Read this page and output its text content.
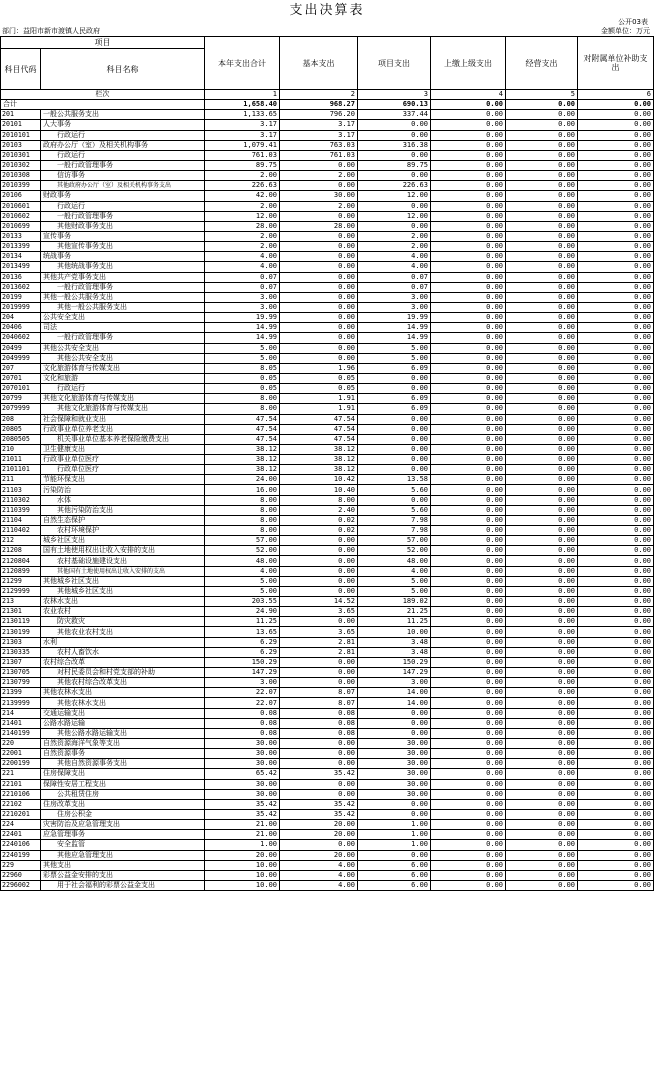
支出决算表
公开03表
部门：益阳市新市渡镇人民政府	金额单位：万元
项目		本年支出合计	基本支出	项目支出	上缴上级支出	经营支出	对附属单位补助支出
科目代码	科目名称						
栏次		1	2	3	4	5	6
合计		1,658.40	968.27	690.13	0.00	0.00	0.00
201	一般公共服务支出	1,133.65	796.20	337.44	0.00	0.00	0.00
20101	人大事务	3.17	3.17	0.00	0.00	0.00	0.00
2010101	行政运行	3.17	3.17	0.00	0.00	0.00	0.00
20103	政府办公厅（室）及相关机构事务	1,079.41	763.03	316.38	0.00	0.00	0.00
2010301	行政运行	761.03	761.03	0.00	0.00	0.00	0.00
2010302	一般行政管理事务	89.75	0.00	89.75	0.00	0.00	0.00
2010308	信访事务	2.00	2.00	0.00	0.00	0.00	0.00
2010399	其他政府办公厅（室）及相关机构事务支出	226.63	0.00	226.63	0.00	0.00	0.00
20106	财政事务	42.00	30.00	12.00	0.00	0.00	0.00
2010601	行政运行	2.00	2.00	0.00	0.00	0.00	0.00
2010602	一般行政管理事务	12.00	0.00	12.00	0.00	0.00	0.00
2010699	其他财政事务支出	28.00	28.00	0.00	0.00	0.00	0.00
20133	宣传事务	2.00	0.00	2.00	0.00	0.00	0.00
2013399	其他宣传事务支出	2.00	0.00	2.00	0.00	0.00	0.00
20134	统战事务	4.00	0.00	4.00	0.00	0.00	0.00
2013499	其他统战事务支出	4.00	0.00	4.00	0.00	0.00	0.00
20136	其他共产党事务支出	0.07	0.00	0.07	0.00	0.00	0.00
2013602	一般行政管理事务	0.07	0.00	0.07	0.00	0.00	0.00
20199	其他一般公共服务支出	3.00	0.00	3.00	0.00	0.00	0.00
2019999	其他一般公共服务支出	3.00	0.00	3.00	0.00	0.00	0.00
204	公共安全支出	19.99	0.00	19.99	0.00	0.00	0.00
20406	司法	14.99	0.00	14.99	0.00	0.00	0.00
2040602	一般行政管理事务	14.99	0.00	14.99	0.00	0.00	0.00
20499	其他公共安全支出	5.00	0.00	5.00	0.00	0.00	0.00
2049999	其他公共安全支出	5.00	0.00	5.00	0.00	0.00	0.00
207	文化旅游体育与传媒支出	8.05	1.96	6.09	0.00	0.00	0.00
20701	文化和旅游	0.05	0.05	0.00	0.00	0.00	0.00
2070101	行政运行	0.05	0.05	0.00	0.00	0.00	0.00
20799	其他文化旅游体育与传媒支出	8.00	1.91	6.09	0.00	0.00	0.00
2079999	其他文化旅游体育与传媒支出	8.00	1.91	6.09	0.00	0.00	0.00
208	社会保障和就业支出	47.54	47.54	0.00	0.00	0.00	0.00
20805	行政事业单位养老支出	47.54	47.54	0.00	0.00	0.00	0.00
2080505	机关事业单位基本养老保险缴费支出	47.54	47.54	0.00	0.00	0.00	0.00
210	卫生健康支出	38.12	38.12	0.00	0.00	0.00	0.00
21011	行政事业单位医疗	38.12	38.12	0.00	0.00	0.00	0.00
2101101	行政单位医疗	38.12	38.12	0.00	0.00	0.00	0.00
211	节能环保支出	24.00	10.42	13.58	0.00	0.00	0.00
21103	污染防治	16.00	10.40	5.60	0.00	0.00	0.00
2110302	水体	8.00	8.00	0.00	0.00	0.00	0.00
2110399	其他污染防治支出	8.00	2.40	5.60	0.00	0.00	0.00
21104	自然生态保护	8.00	0.02	7.98	0.00	0.00	0.00
2110402	农村环境保护	8.00	0.02	7.98	0.00	0.00	0.00
212	城乡社区支出	57.00	0.00	57.00	0.00	0.00	0.00
21208	国有土地使用权出让收入安排的支出	52.00	0.00	52.00	0.00	0.00	0.00
2120804	农村基础设施建设支出	48.00	0.00	48.00	0.00	0.00	0.00
2120899	其他国有土地使用权出让收入安排的支出	4.00	0.00	4.00	0.00	0.00	0.00
21299	其他城乡社区支出	5.00	0.00	5.00	0.00	0.00	0.00
2129999	其他城乡社区支出	5.00	0.00	5.00	0.00	0.00	0.00
213	农林水支出	203.55	14.52	189.02	0.00	0.00	0.00
21301	农业农村	24.90	3.65	21.25	0.00	0.00	0.00
2130119	防灾救灾	11.25	0.00	11.25	0.00	0.00	0.00
2130199	其他农业农村支出	13.65	3.65	10.00	0.00	0.00	0.00
21303	水利	6.29	2.81	3.48	0.00	0.00	0.00
2130335	农村人畜饮水	6.29	2.81	3.48	0.00	0.00	0.00
21307	农村综合改革	150.29	0.00	150.29	0.00	0.00	0.00
2130705	对村民委员会和村党支部的补助	147.29	0.00	147.29	0.00	0.00	0.00
2130799	其他农村综合改革支出	3.00	0.00	3.00	0.00	0.00	0.00
21399	其他农林水支出	22.07	8.07	14.00	0.00	0.00	0.00
2139999	其他农林水支出	22.07	8.07	14.00	0.00	0.00	0.00
214	交通运输支出	0.08	0.08	0.00	0.00	0.00	0.00
21401	公路水路运输	0.08	0.08	0.00	0.00	0.00	0.00
2140199	其他公路水路运输支出	0.08	0.08	0.00	0.00	0.00	0.00
220	自然资源海洋气象等支出	30.00	0.00	30.00	0.00	0.00	0.00
22001	自然资源事务	30.00	0.00	30.00	0.00	0.00	0.00
2200199	其他自然资源事务支出	30.00	0.00	30.00	0.00	0.00	0.00
221	住房保障支出	65.42	35.42	30.00	0.00	0.00	0.00
22101	保障性安居工程支出	30.00	0.00	30.00	0.00	0.00	0.00
2210106	公共租赁住房	30.00	0.00	30.00	0.00	0.00	0.00
22102	住房改革支出	35.42	35.42	0.00	0.00	0.00	0.00
2210201	住房公积金	35.42	35.42	0.00	0.00	0.00	0.00
224	灾害防治及应急管理支出	21.00	20.00	1.00	0.00	0.00	0.00
22401	应急管理事务	21.00	20.00	1.00	0.00	0.00	0.00
2240106	安全监管	1.00	0.00	1.00	0.00	0.00	0.00
2240199	其他应急管理支出	20.00	20.00	0.00	0.00	0.00	0.00
229	其他支出	10.00	4.00	6.00	0.00	0.00	0.00
22960	彩票公益金安排的支出	10.00	4.00	6.00	0.00	0.00	0.00
2296002	用于社会福利的彩票公益金支出	10.00	4.00	6.00	0.00	0.00	0.00
